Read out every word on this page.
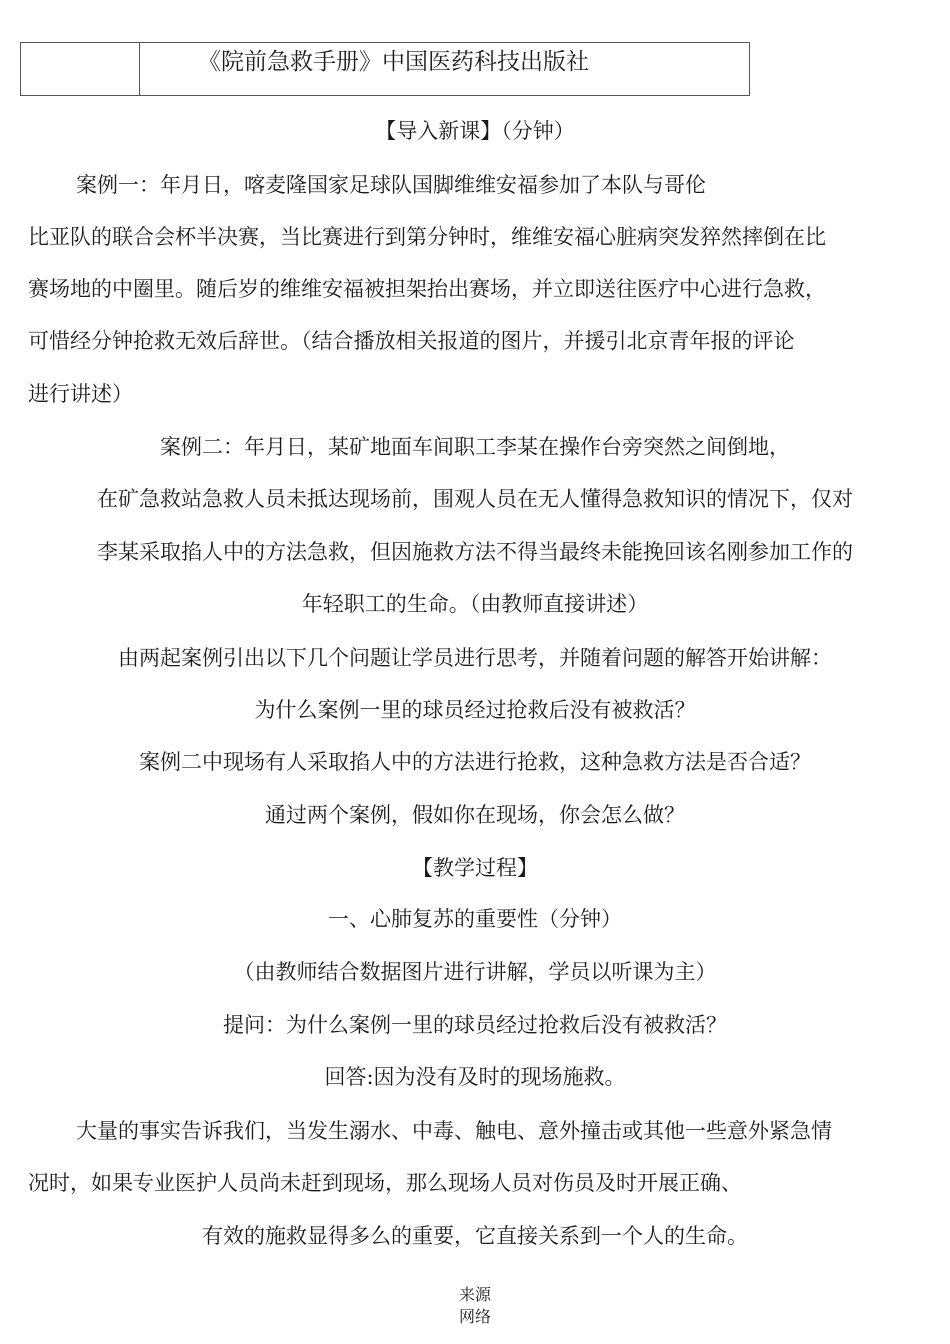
《院前急救手册》中国医药科技出版社
【导入新课】（分钟）
案例一：年月日，喀麦隆国家足球队国脚维维安福参加了本队与哥伦
比亚队的联合会杯半决赛，当比赛进行到第分钟时，维维安福心脏病突发猝然摔倒在比
赛场地的中圈里。随后岁的维维安福被担架抬出赛场，并立即送往医疗中心进行急救，
可惜经分钟抢救无效后辞世。（结合播放相关报道的图片，并援引北京青年报的评论
进行讲述）
案例二：年月日，某矿地面车间职工李某在操作台旁突然之间倒地，
在矿急救站急救人员未抵达现场前，围观人员在无人懂得急救知识的情况下，仅对
李某采取掐人中的方法急救，但因施救方法不得当最终未能挽回该名刚参加工作的
年轻职工的生命。（由教师直接讲述）
由两起案例引出以下几个问题让学员进行思考，并随着问题的解答开始讲解：
为什么案例一里的球员经过抢救后没有被救活？
案例二中现场有人采取掐人中的方法进行抢救，这种急救方法是否合适？
通过两个案例，假如你在现场，你会怎么做？
【教学过程】
一、心肺复苏的重要性（分钟）
（由教师结合数据图片进行讲解，学员以听课为主）
提问：为什么案例一里的球员经过抢救后没有被救活？
回答:因为没有及时的现场施救。
大量的事实告诉我们，当发生溺水、中毒、触电、意外撞击或其他一些意外紧急情
况时，如果专业医护人员尚未赶到现场，那么现场人员对伤员及时开展正确、
有效的施救显得多么的重要，它直接关系到一个人的生命。
来源
网络
